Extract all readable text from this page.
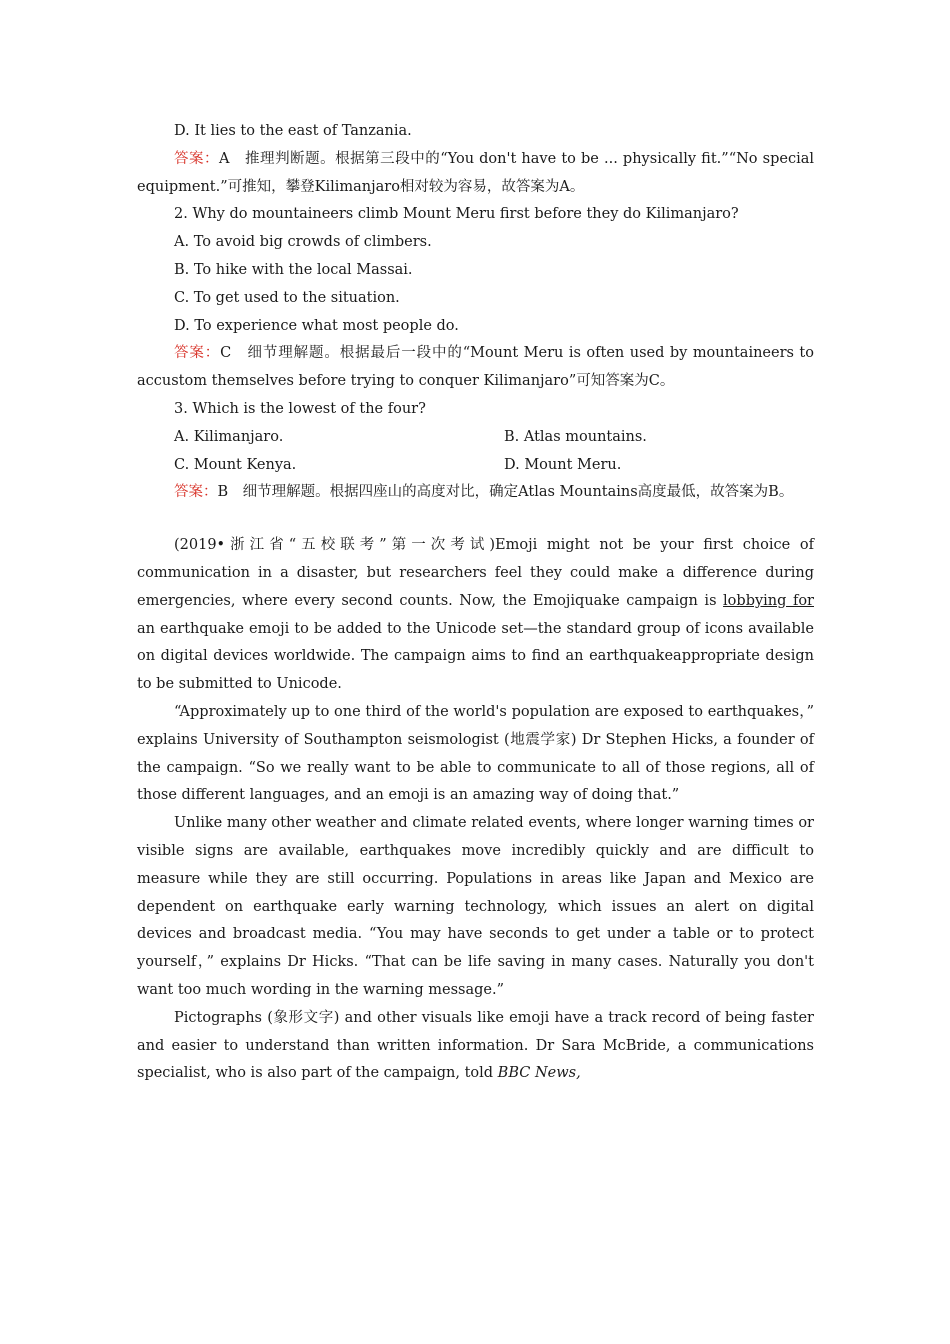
D. It lies to the east of Tanzania.

答案：A　推理判断题。根据第三段中的“You don't have to be ... physically fit.”“No special equipment.”可推知，攀登Kilimanjaro相对较为容易，故答案为A。

2. Why do mountaineers climb Mount Meru first before they do Kilimanjaro?

A. To avoid big crowds of climbers.

B. To hike with the local Massai.

C. To get used to the situation.

D. To experience what most people do.

答案：C　细节理解题。根据最后一段中的“Mount Meru is often used by mountaineers to accustom themselves before trying to conquer Kilimanjaro”可知答案为C。

3. Which is the lowest of the four?

A. Kilimanjaro.	B. Atlas mountains.
C. Mount Kenya.	D. Mount Meru.

答案：B　细节理解题。根据四座山的高度对比，确定Atlas Mountains高度最低，故答案为B。

(2019•浙江省“五校联考”第一次考试)Emoji might not be your first choice of communication in a disaster, but researchers feel they could make a difference during emergencies, where every second counts. Now, the Emojiquake campaign is lobbying for an earthquake emoji to be added to the Unicode set—the standard group of icons available on digital devices worldwide. The campaign aims to find an earthquakeappropriate design to be submitted to Unicode.

“Approximately up to one third of the world's population are exposed to earthquakes，” explains University of Southampton seismologist (地震学家) Dr Stephen Hicks, a founder of the campaign. “So we really want to be able to communicate to all of those regions, all of those different languages, and an emoji is an amazing way of doing that.”

Unlike many other weather and climate related events, where longer warning times or visible signs are available, earthquakes move incredibly quickly and are difficult to measure while they are still occurring. Populations in areas like Japan and Mexico are dependent on earthquake early warning technology, which issues an alert on digital devices and broadcast media. “You may have seconds to get under a table or to protect yourself，” explains Dr Hicks. “That can be life saving in many cases. Naturally you don't want too much wording in the warning message.”

Pictographs (象形文字) and other visuals like emoji have a track record of being faster and easier to understand than written information. Dr Sara McBride, a communications specialist, who is also part of the campaign, told BBC News,
